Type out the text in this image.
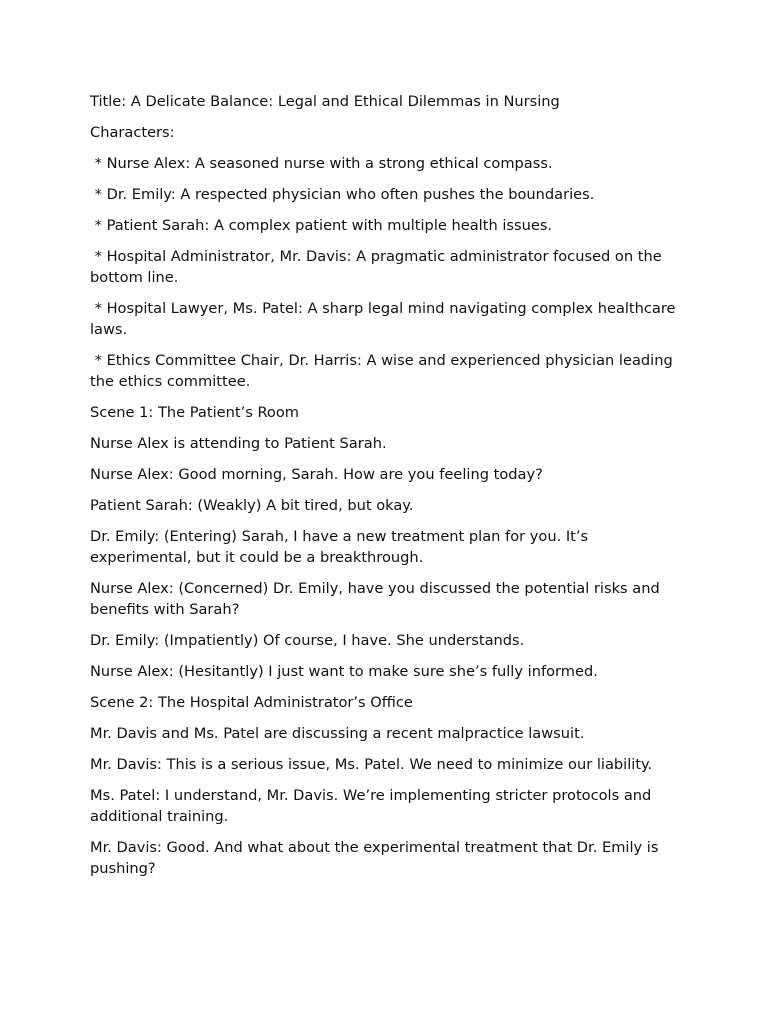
Title: A Delicate Balance: Legal and Ethical Dilemmas in Nursing

Characters:

* Nurse Alex: A seasoned nurse with a strong ethical compass.

* Dr. Emily: A respected physician who often pushes the boundaries.

* Patient Sarah: A complex patient with multiple health issues.

* Hospital Administrator, Mr. Davis: A pragmatic administrator focused on the bottom line.

* Hospital Lawyer, Ms. Patel: A sharp legal mind navigating complex healthcare laws.

* Ethics Committee Chair, Dr. Harris: A wise and experienced physician leading the ethics committee.

Scene 1: The Patient’s Room

Nurse Alex is attending to Patient Sarah.

Nurse Alex: Good morning, Sarah. How are you feeling today?

Patient Sarah: (Weakly) A bit tired, but okay.

Dr. Emily: (Entering) Sarah, I have a new treatment plan for you. It’s experimental, but it could be a breakthrough.

Nurse Alex: (Concerned) Dr. Emily, have you discussed the potential risks and benefits with Sarah?

Dr. Emily: (Impatiently) Of course, I have. She understands.

Nurse Alex: (Hesitantly) I just want to make sure she’s fully informed.

Scene 2: The Hospital Administrator’s Office

Mr. Davis and Ms. Patel are discussing a recent malpractice lawsuit.

Mr. Davis: This is a serious issue, Ms. Patel. We need to minimize our liability.

Ms. Patel: I understand, Mr. Davis. We’re implementing stricter protocols and additional training.

Mr. Davis: Good. And what about the experimental treatment that Dr. Emily is pushing?
